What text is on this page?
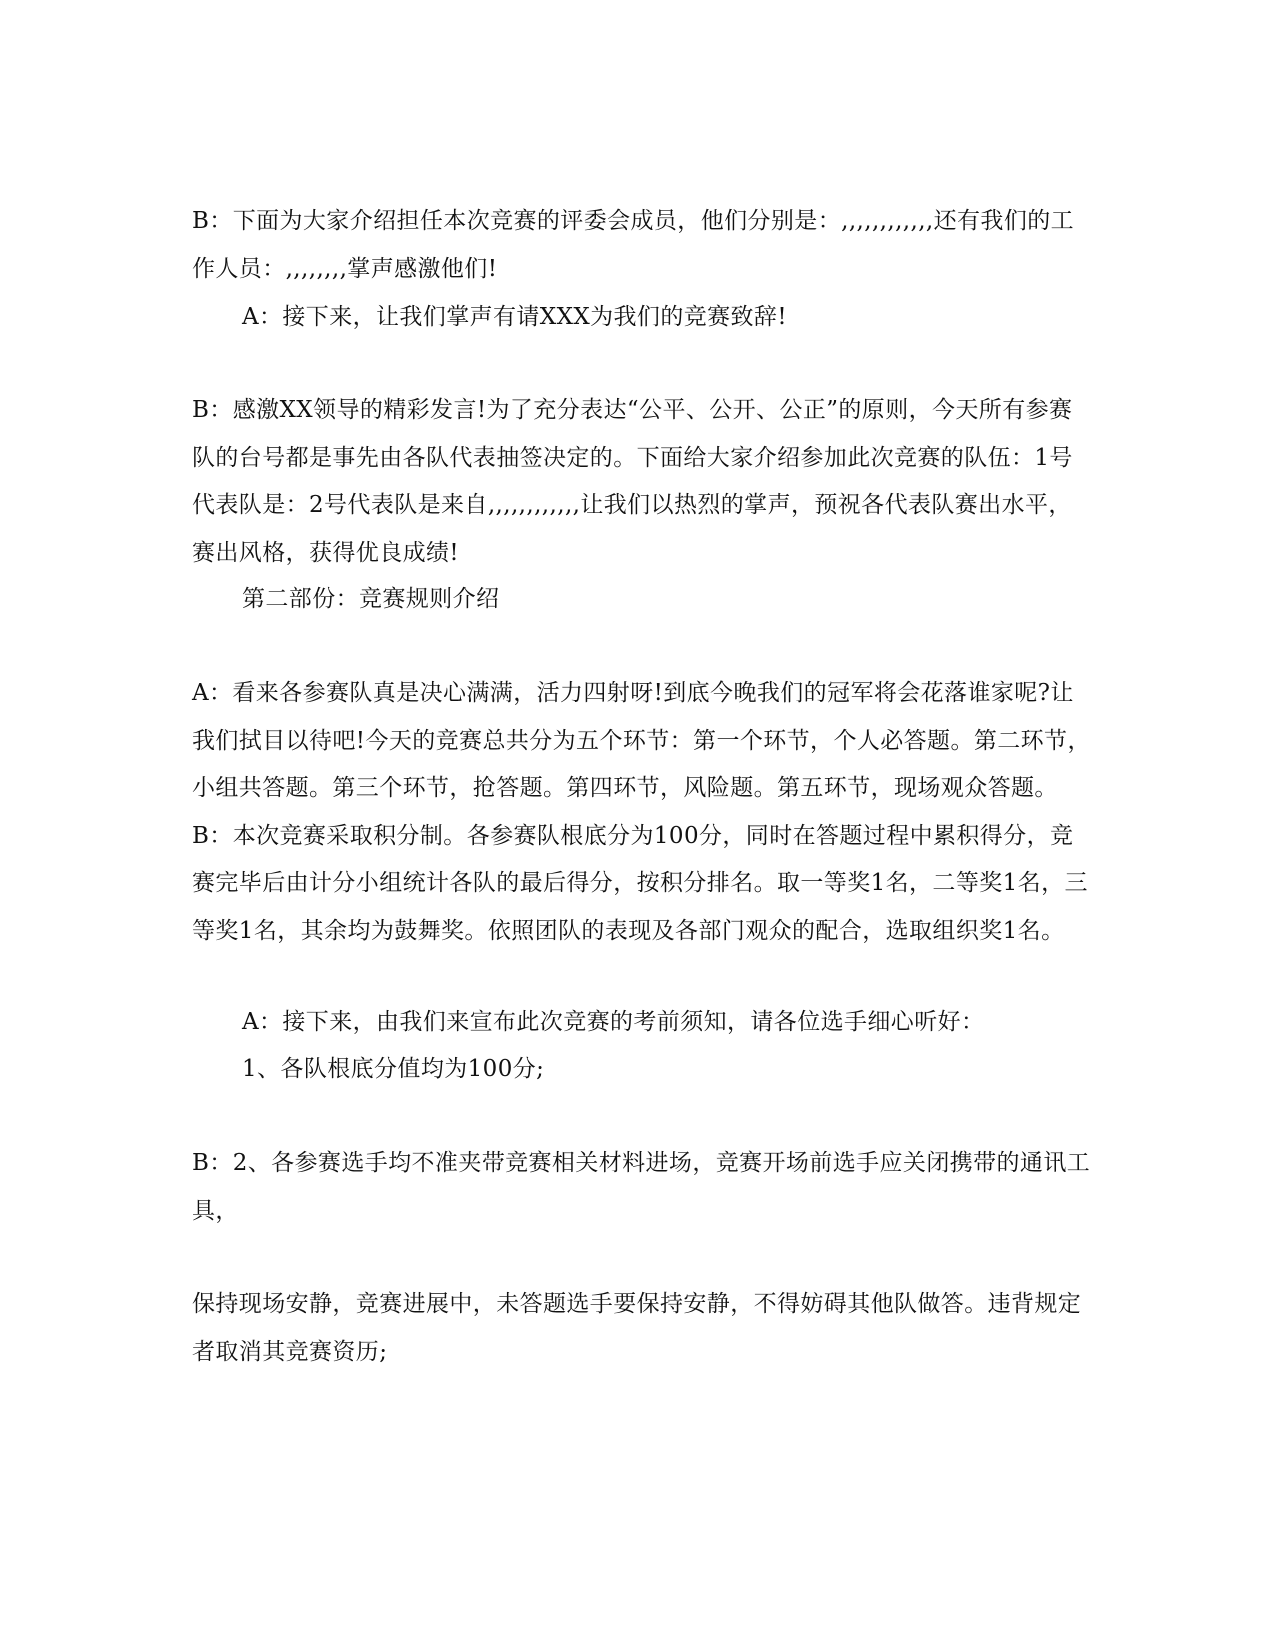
B：下面为大家介绍担任本次竞赛的评委会成员，他们分别是：,,,,,,,,,,,,还有我们的工作人员：,,,,,,,,掌声感激他们!

A：接下来，让我们掌声有请XXX为我们的竞赛致辞!

B：感激XX领导的精彩发言!为了充分表达“公平、公开、公正”的原则，今天所有参赛队的台号都是事先由各队代表抽签决定的。下面给大家介绍参加此次竞赛的队伍：1号代表队是：2号代表队是来自,,,,,,,,,,,,让我们以热烈的掌声，预祝各代表队赛出水平，赛出风格，获得优良成绩!

第二部份：竞赛规则介绍

A：看来各参赛队真是决心满满，活力四射呀!到底今晚我们的冠军将会花落谁家呢?让我们拭目以待吧!今天的竞赛总共分为五个环节：第一个环节，个人必答题。第二环节，小组共答题。第三个环节，抢答题。第四环节，风险题。第五环节，现场观众答题。B：本次竞赛采取积分制。各参赛队根底分为100分，同时在答题过程中累积得分，竞赛完毕后由计分小组统计各队的最后得分，按积分排名。取一等奖1名，二等奖1名，三等奖1名，其余均为鼓舞奖。依照团队的表现及各部门观众的配合，选取组织奖1名。

A：接下来，由我们来宣布此次竞赛的考前须知，请各位选手细心听好：

1、各队根底分值均为100分;

B：2、各参赛选手均不准夹带竞赛相关材料进场，竞赛开场前选手应关闭携带的通讯工具，

保持现场安静，竞赛进展中，未答题选手要保持安静，不得妨碍其他队做答。违背规定者取消其竞赛资历;
